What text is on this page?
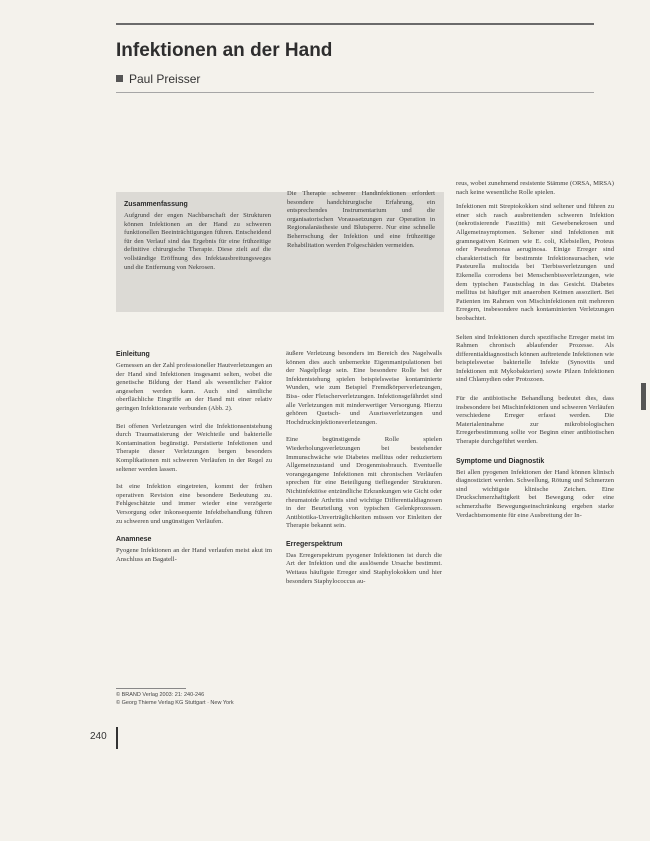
Infektionen an der Hand
Paul Preisser
Zusammenfassung

Aufgrund der engen Nachbarschaft der Strukturen können Infektionen an der Hand zu schweren funktionellen Beeinträchtigungen führen. Entscheidend für den Verlauf sind das Ergebnis für eine frühzeitige definitive chirurgische Therapie. Diese zielt auf die vollständige Eröffnung des Infektausbreitungsweges und die Entfernung von Nekrosen.

Die Therapie schwerer Handinfektionen erfordert besondere handchirurgische Erfahrung, ein entsprechendes Instrumentarium und die organisatorischen Voraussetzungen zur Operation in Regionalanästhesie und Blutsperre. Nur eine schnelle Beherrschung der Infektion und eine frühzeitige Rehabilitation werden Folgeschäden vermeiden.

Einleitung

Gemessen an der Zahl professioneller Hautverletzungen an der Hand sind Infektionen insgesamt selten, wobei die genetische Bildung der Hand als wesentlicher Faktor angesehen werden kann. Auch sind sämtliche oberflächliche Eingriffe an der Hand mit einer relativ geringen Infektionsrate verbunden (Abb. 2).

Bei offenen Verletzungen wird die Infektionsentstehung durch Traumatisierung der Weichteile und bakterielle Kontamination begünstigt. Persistierte Infektionen und Therapie dieser Verletzungen bergen besonders Komplikationen mit schweren Verläufen in der Regel zu seltener werden lassen.

Ist eine Infektion eingetreten, kommt der frühen operativen Revision eine besondere Bedeutung zu. Fehlgeschätzte und immer wieder eine verzögerte Versorgung oder inkonsequente Infektbehandlung führen zu schweren und ungünstigen Verläufen.

Anamnese

Pyogene Infektionen an der Hand verlaufen meist akut im Anschluss an Bagatell-

äußere Verletzung besonders im Bereich des Nagelwalls können dies auch unbemerkte Eigenmanipulationen bei der Nagelpflege sein. Eine besondere Rolle bei der Infektentstehung spielen beispielsweise kontaminierte Wunden, wie zum Beispiel Fremdkörperverletzungen, Biss- oder Fleischerverletzungen. Infektionsgefährdet sind alle Verletzungen mit minderwertiger Versorgung. Hierzu gehören Quetsch- und Ausrissverletzungen und Hochdruckinjektionsverletzungen.

Eine begünstigende Rolle spielen Wiederholungsverletzungen bei bestehender Immunschwäche wie Diabetes mellitus oder reduziertem Allgemeinzustand und Drogenmissbrauch. Eventuelle vorangegangene Infektionen mit chronischen Verläufen sprechen für eine Beteiligung tiefliegender Strukturen. Nichtinfektiöse entzündliche Erkrankungen wie Gicht oder rheumatoide Arthritis sind wichtige Differentialdiagnosen in der Beurteilung von typischen Gelenkprozessen. Antibiotika-Unverträglichkeiten müssen vor Einleiten der Therapie bekannt sein.

Erregerspektrum

Das Erregerspektrum pyogener Infektionen ist durch die Art der Infektion und die auslösende Ursache bestimmt. Weitaus häufigste Erreger sind Staphylokokken und hier besonders Staphylococcus au-

reus, wobei zunehmend resistente Stämme (ORSA, MRSA) nach keine wesentliche Rolle spielen.

Infektionen mit Streptokokken sind seltener und führen zu einer sich rasch ausbreitenden schweren Infektion (nekrotisierende Fasziitis) mit Gewebenekrosen und Allgemeinsymptomen. Seltener sind Infektionen mit gramnegativen Keimen wie E. coli, Klebsiellen, Proteus oder Pseudomonas aeruginosa. Einige Erreger sind charakteristisch für bestimmte Infektionsursachen, wie Pasteurella multocida bei Tierbissverletzungen und Eikenella corrodens bei Menschenbissverletzungen, wie dem typischen Faustschlag in das Gesicht. Diabetes mellitus ist häufiger mit anaeroben Keimen assoziiert. Bei Patienten im Rahmen von Mischinfektionen mit mehreren Erregern, insbesondere nach kontaminierten Verletzungen beobachtet.

Selten sind Infektionen durch spezifische Erreger meist im Rahmen chronisch ablaufender Prozesse. Als differentialdiagnostisch können auftretende Infektionen wie beispielsweise bakterielle Infekte (Synovitis und Infektionen mit Mykobakterien) sowie Pilzen Infektionen sind Chlamydien oder Protozoen.

Für die antibiotische Behandlung bedeutet dies, dass insbesondere bei Mischinfektionen und schweren Verläufen verschiedene Erreger erfasst werden. Die Materialentnahme zur mikrobiologischen Erregerbestimmung sollte vor Beginn einer antibiotischen Therapie durchgeführt werden.

Symptome und Diagnostik

Bei allen pyogenen Infektionen der Hand können klinisch diagnostiziert werden. Schwellung, Rötung und Schmerzen sind wichtigste klinische Zeichen. Eine Druckschmerzhaftigkeit bei Bewegung oder eine schmerzhafte Bewegungseinschränkung ergeben starke Verdachtsmomente für eine Ausbreitung der In-

© BRAND Verlag 2003: 21: 240-246
© Georg Thieme Verlag KG Stuttgart · New York
240
